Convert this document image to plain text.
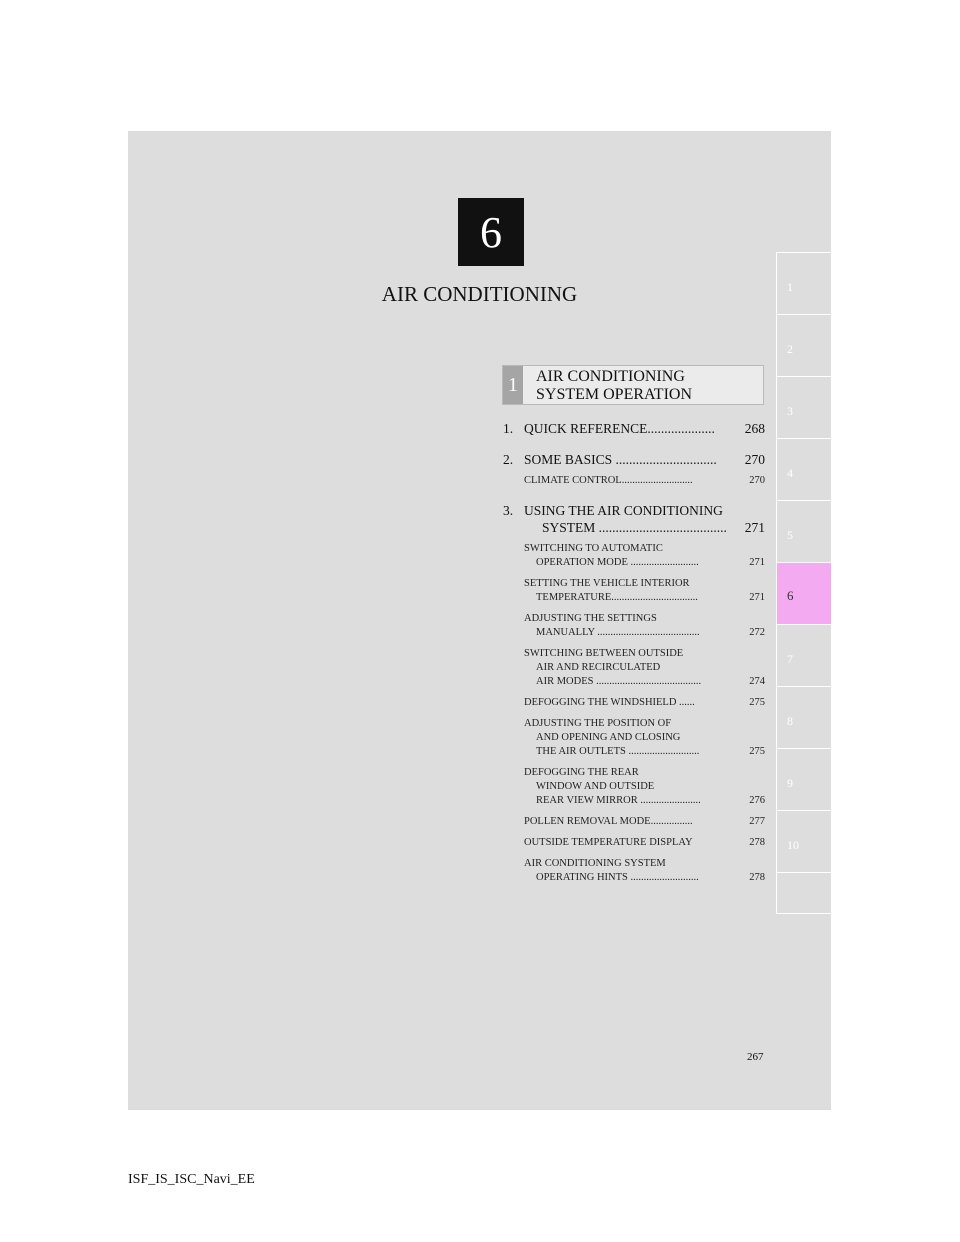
6
AIR CONDITIONING	1
2
3
4
5
6
7
8
9
10
1	AIR CONDITIONING
SYSTEM OPERATION
1. QUICK REFERENCE.................... 268
2. SOME BASICS .............................. 270
CLIMATE CONTROL...........................	270
3. USING THE AIR CONDITIONING
SYSTEM ...................................... 271
SWITCHING TO AUTOMATIC
OPERATION MODE ..........................	271
SETTING THE VEHICLE INTERIOR
TEMPERATURE.................................	271
ADJUSTING THE SETTINGS
MANUALLY .......................................	272
SWITCHING BETWEEN OUTSIDE
AIR AND RECIRCULATED
AIR MODES ........................................	274
DEFOGGING THE WINDSHIELD ......	275
ADJUSTING THE POSITION OF
AND OPENING AND CLOSING
THE AIR OUTLETS ...........................	275
DEFOGGING THE REAR
WINDOW AND OUTSIDE
REAR VIEW MIRROR .......................	276
POLLEN REMOVAL MODE................	277
OUTSIDE TEMPERATURE DISPLAY	278
AIR CONDITIONING SYSTEM
OPERATING HINTS ..........................	278
267
ISF_IS_ISC_Navi_EE
